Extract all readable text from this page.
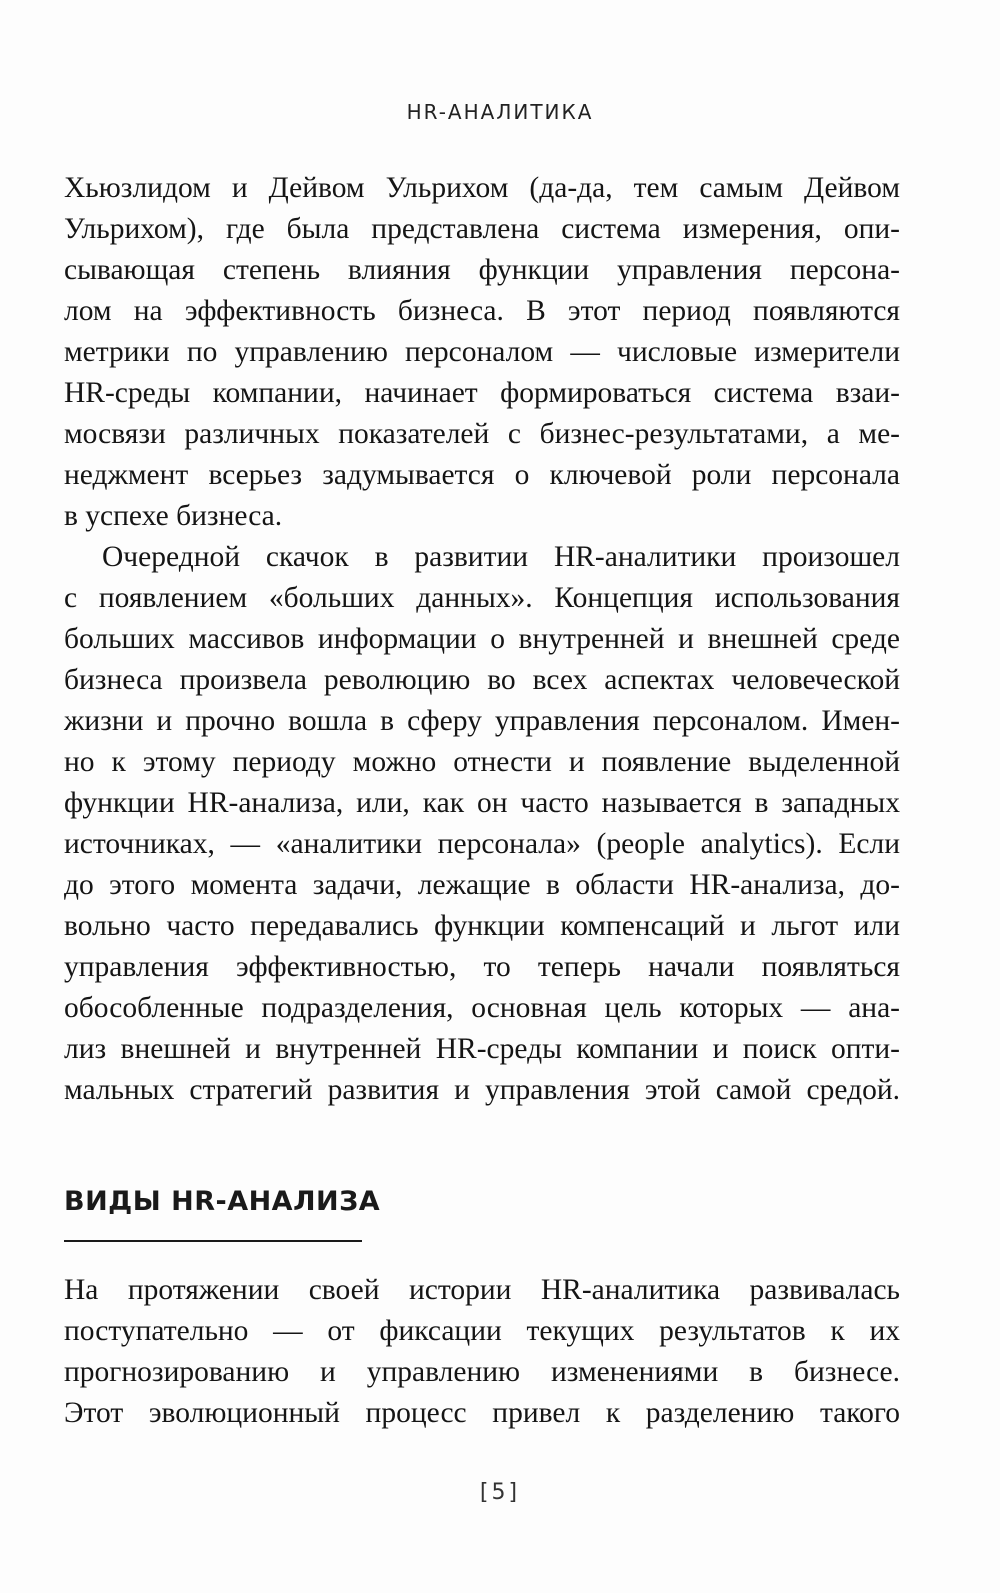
HR-АНАЛИТИКА
Хьюзлидом и Дейвом Ульрихом (да-да, тем самым Дейвом
Ульрихом), где была представлена система измерения, опи-
сывающая степень влияния функции управления персона-
лом на эффективность бизнеса. В этот период появляются
метрики по управлению персоналом — числовые измерители
HR-среды компании, начинает формироваться система взаи-
мосвязи различных показателей с бизнес-результатами, а ме-
неджмент всерьез задумывается о ключевой роли персонала
в успехе бизнеса.
Очередной скачок в развитии HR-аналитики произошел
с появлением «больших данных». Концепция использования
больших массивов информации о внутренней и внешней среде
бизнеса произвела революцию во всех аспектах человеческой
жизни и прочно вошла в сферу управления персоналом. Имен-
но к этому периоду можно отнести и появление выделенной
функции HR-анализа, или, как он часто называется в западных
источниках, — «аналитики персонала» (people analytics). Если
до этого момента задачи, лежащие в области HR-анализа, до-
вольно часто передавались функции компенсаций и льгот или
управления эффективностью, то теперь начали появляться
обособленные подразделения, основная цель которых — ана-
лиз внешней и внутренней HR-среды компании и поиск опти-
мальных стратегий развития и управления этой самой средой.
ВИДЫ HR-АНАЛИЗА
На протяжении своей истории HR-аналитика развивалась
поступательно — от фиксации текущих результатов к их
прогнозированию и управлению изменениями в бизнесе.
Этот эволюционный процесс привел к разделению такого
[5]
